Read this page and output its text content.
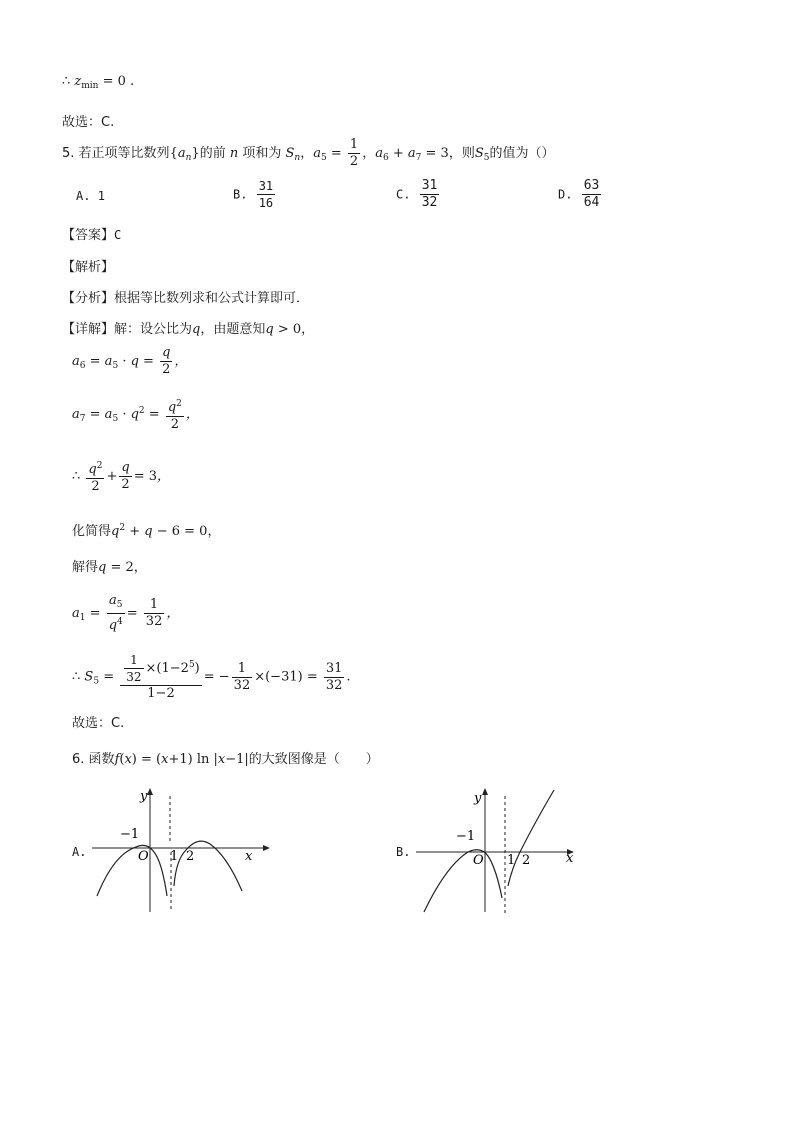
∴ $z_{min} = 0$ .
故选：C.
5. 若正项等比数列$\{a_n\}$的前 n 项和为 $S_n$，$a_5 = \frac{1}{2}$ ，$a_6 + a_7 = 3$，则$S_5$的值为（）
A. 1	B. $\frac{31}{16}$	C. $\frac{31}{32}$	D. $\frac{63}{64}$
【答案】C
【解析】
【分析】根据等比数列求和公式计算即可．
【详解】解：设公比为q，由题意知q > 0，
$a_6 = a_5 \cdot q = \frac{q}{2}$ ，
$a_7 = a_5 \cdot q^2 = \frac{q^2}{2}$ ，
∴ $\frac{q^2}{2} + \frac{q}{2} = 3$，
化简得$q^2 + q - 6 = 0$，
解得q = 2，
$a_1 = \frac{a_5}{q^4} = \frac{1}{32}$ ，
∴ $S_5 = \frac{\frac{1}{32} \times(1-2^5)}{1-2}$ = − $\frac{1}{32} \times(-31) = \frac{31}{32}$ .
故选：C.
6. 函数f(x) = (x+1) ln |x−1|的大致图像是（　　）
A.
−1
O 1 2	x
y
B.
−1
O 1 2	x
y
